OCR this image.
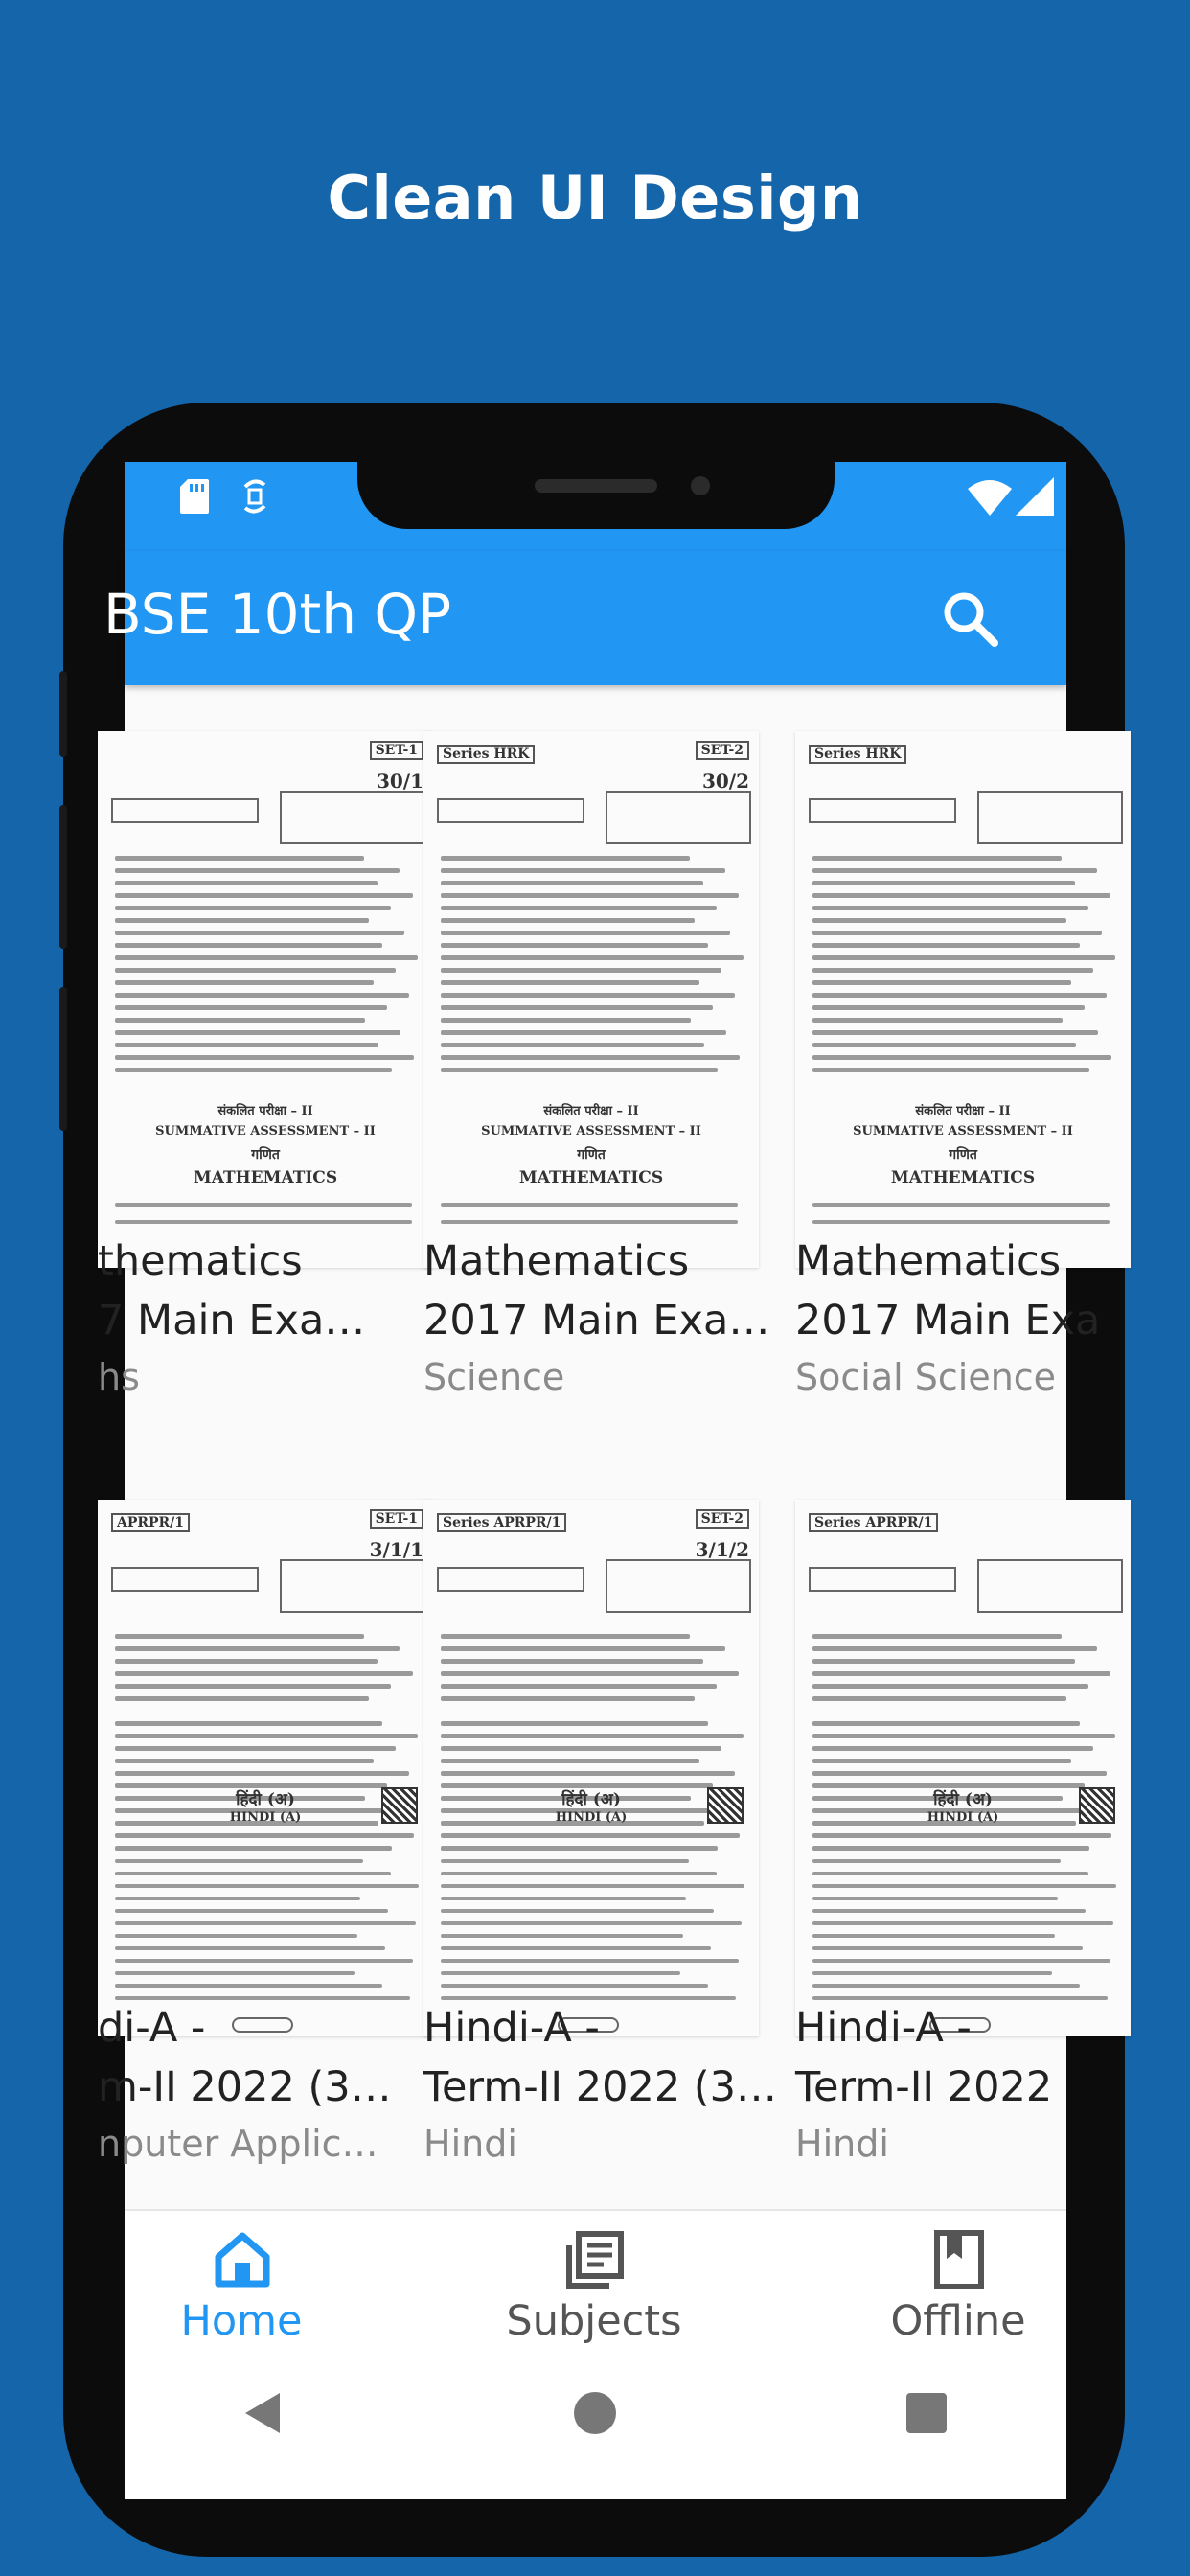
Clean UI Design
BSE 10th QP
SET-1
30/1
संकलित परीक्षा – II
SUMMATIVE ASSESSMENT – II
गणित
MATHEMATICS
thematics
7 Main Exa…
hs
Series HRK	SET-2
30/2
संकलित परीक्षा – II
SUMMATIVE ASSESSMENT – II
गणित
MATHEMATICS
Mathematics
2017 Main Exa…
Science
Series HRK
संकलित परीक्षा – II
SUMMATIVE ASSESSMENT – II
गणित
MATHEMATICS
Mathematics
2017 Main Exa
Social Science
APRPR/1	SET-1
3/1/1
हिंदी (अ)
HINDI (A)
di-A -
m-II 2022 (3…
nputer Applic…
Series APRPR/1	SET-2
3/1/2
हिंदी (अ)
HINDI (A)
Hindi-A -
Term-II 2022 (3…
Hindi
Series APRPR/1
हिंदी (अ)
HINDI (A)
Hindi-A -
Term-II 2022
Hindi
Home	Subjects	Offline
